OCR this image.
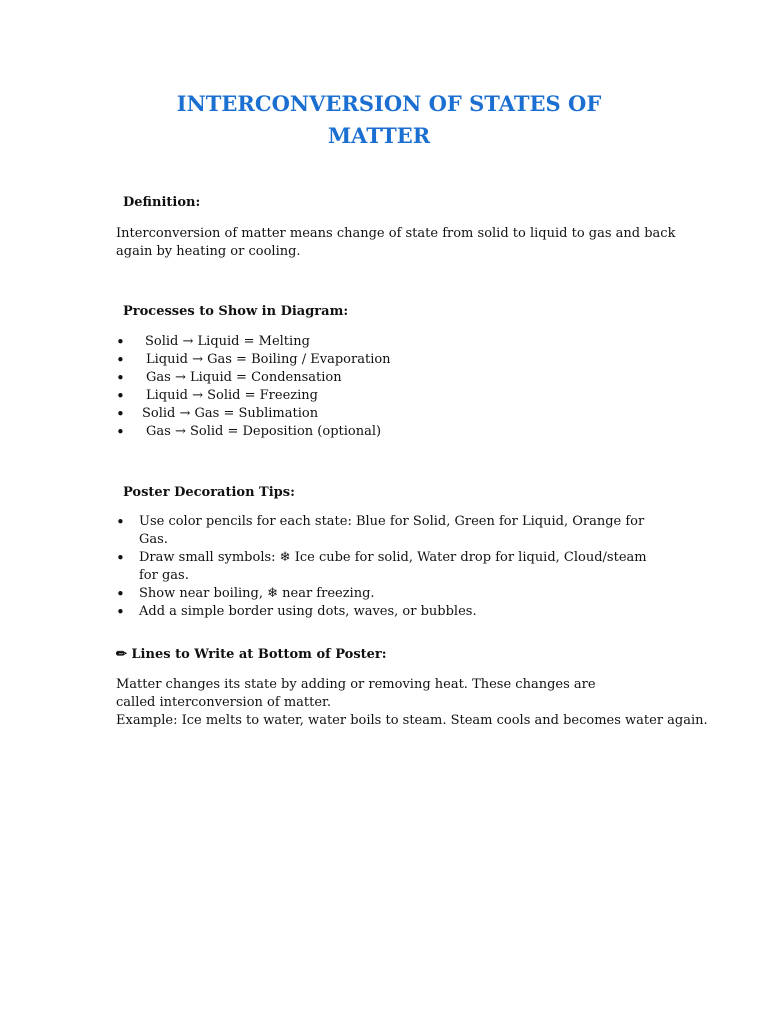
INTERCONVERSION OF STATES OF
MATTER
Definition:
Interconversion of matter means change of state from solid to liquid to gas and back again by heating or cooling.
Processes to Show in Diagram:
• Solid → Liquid = Melting
• Liquid → Gas = Boiling / Evaporation
• Gas → Liquid = Condensation
• Liquid → Solid = Freezing
• Solid → Gas = Sublimation
• Gas → Solid = Deposition (optional)
Poster Decoration Tips:
• Use color pencils for each state: Blue for Solid, Green for Liquid, Orange for Gas.
• Draw small symbols: ❄ Ice cube for solid, Water drop for liquid, Cloud/steam for gas.
• Show near boiling, ❄ near freezing.
• Add a simple border using dots, waves, or bubbles.
✏ Lines to Write at Bottom of Poster:
Matter changes its state by adding or removing heat. These changes are called interconversion of matter.
Example: Ice melts to water, water boils to steam. Steam cools and becomes water again.
